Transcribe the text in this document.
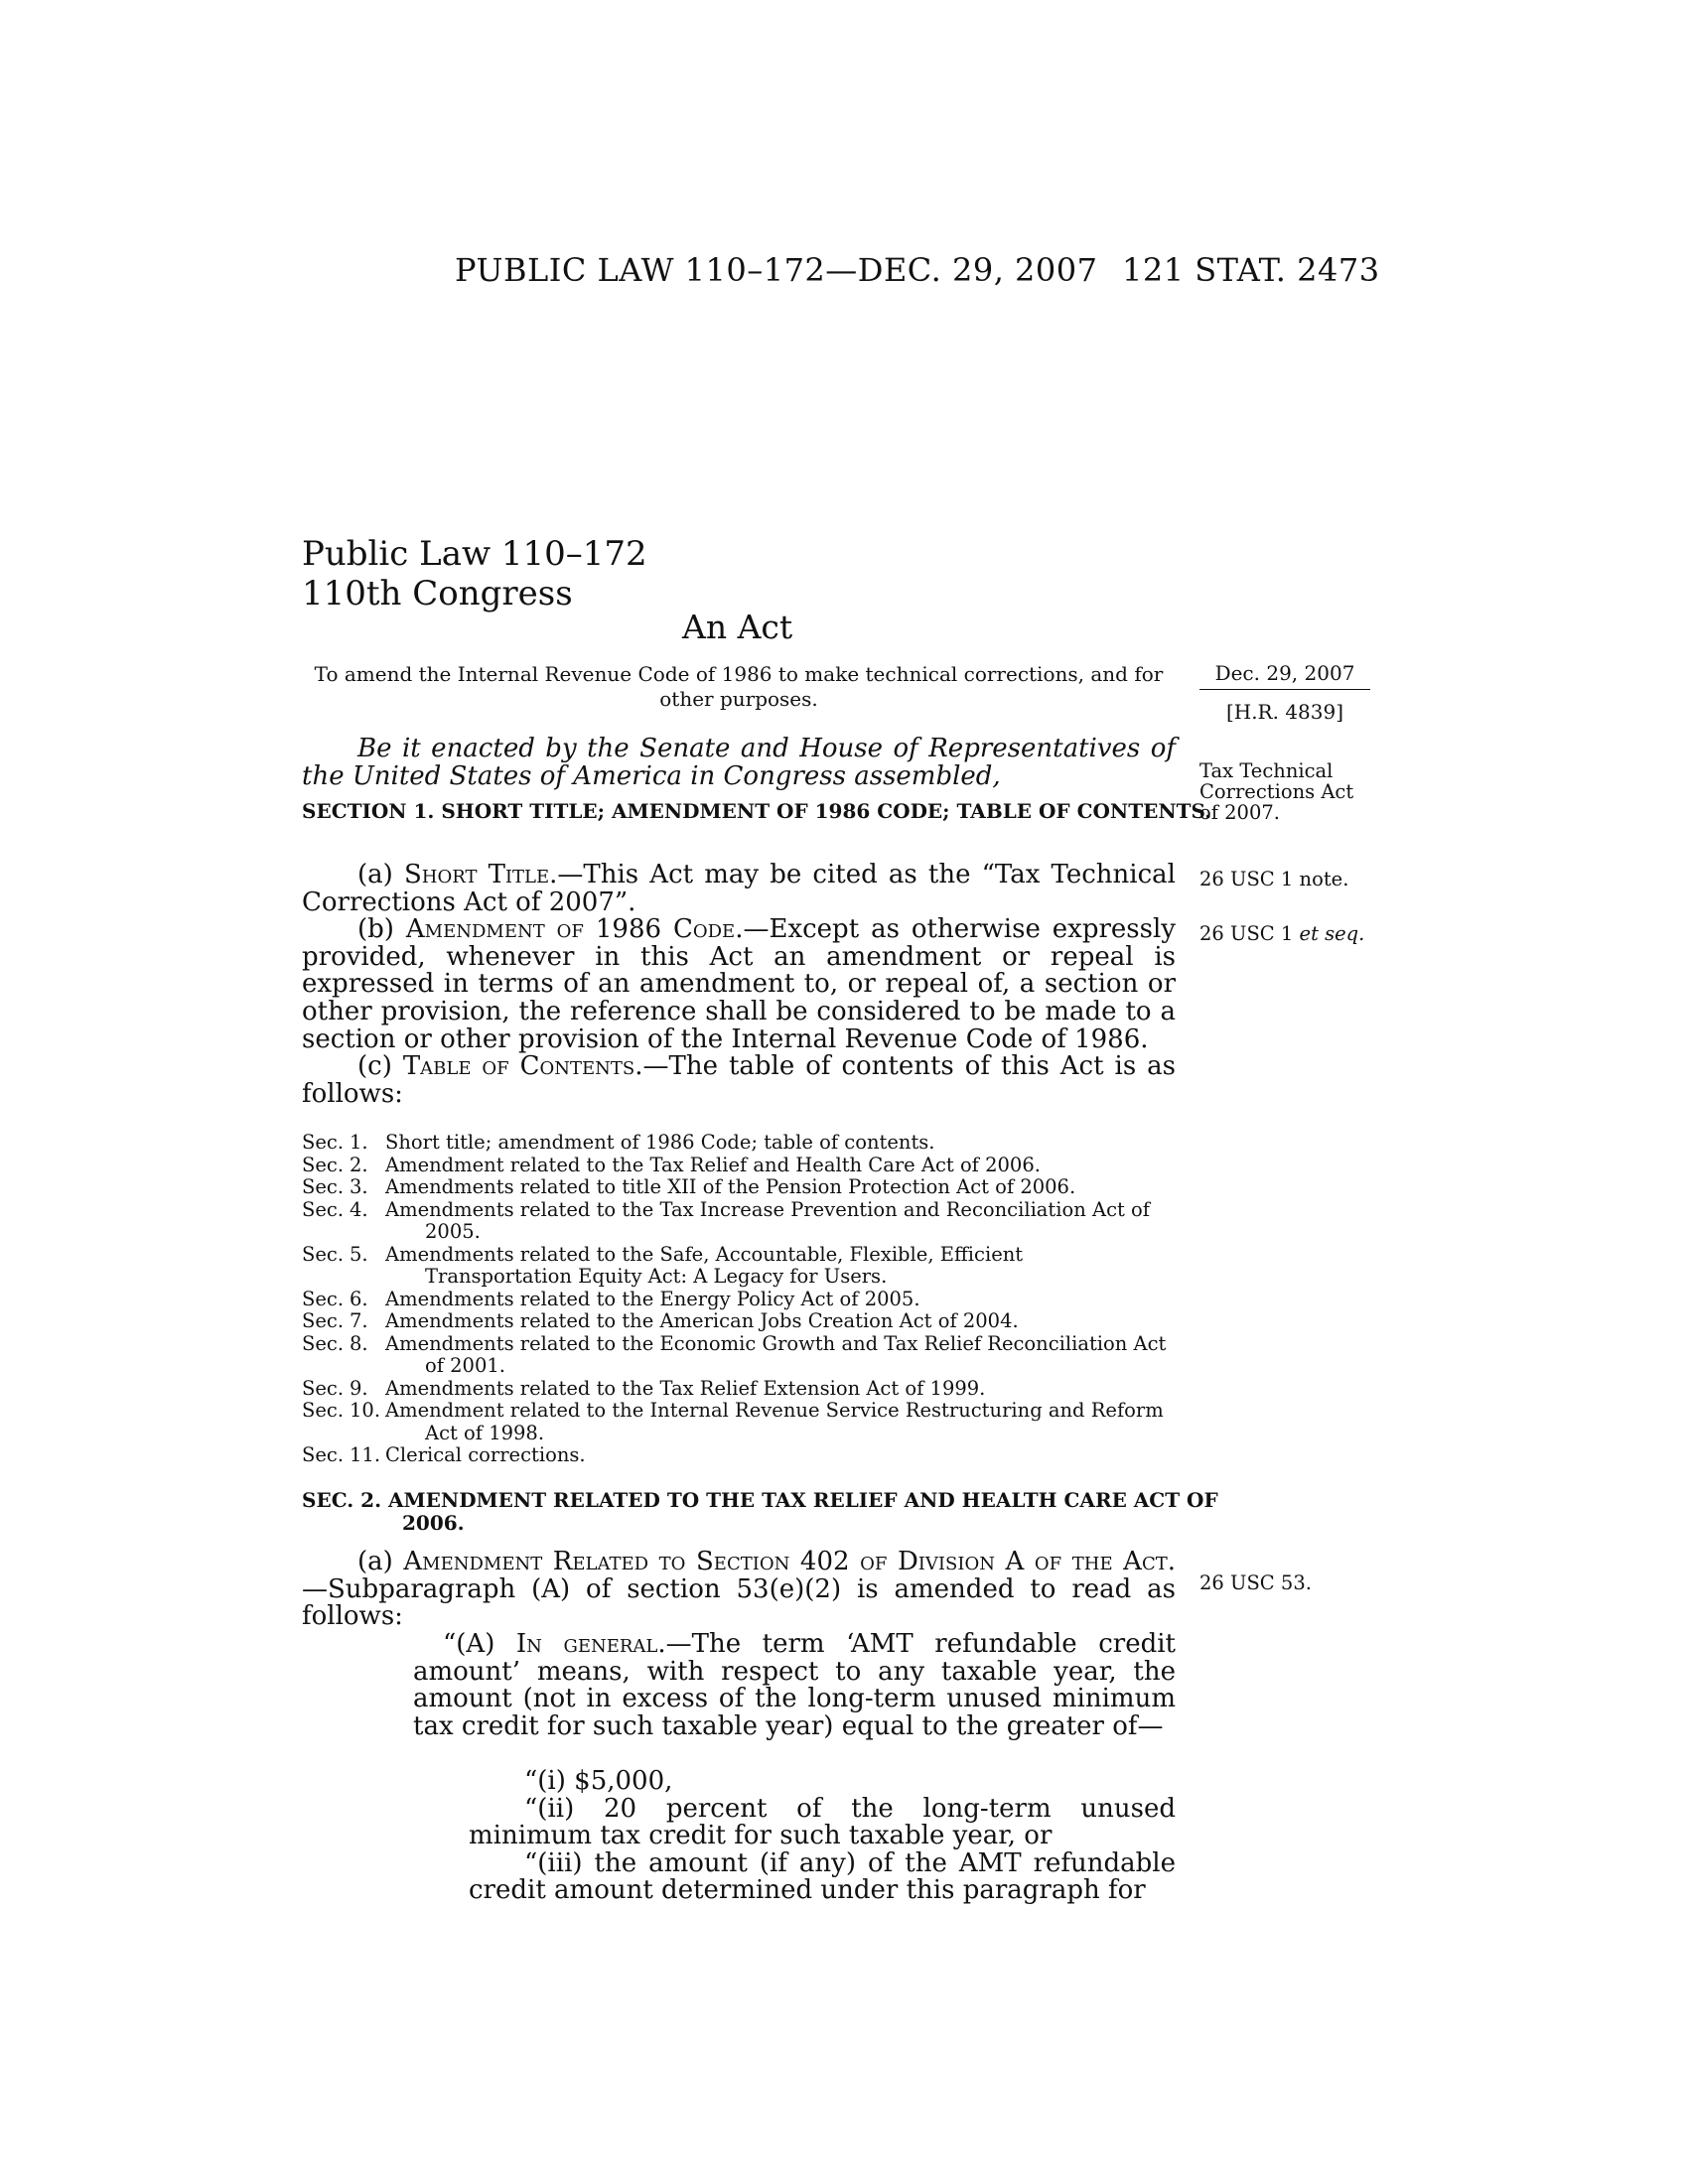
PUBLIC LAW 110–172—DEC. 29, 2007 121 STAT. 2473
Public Law 110–172
110th Congress
An Act
To amend the Internal Revenue Code of 1986 to make technical corrections, and for other purposes.
Dec. 29, 2007
[H.R. 4839]
Tax Technical
Corrections Act
of 2007.
26 USC 1 note.
26 USC 1 et seq.
26 USC 53.
Be it enacted by the Senate and House of Representatives of the United States of America in Congress assembled,
SECTION 1. SHORT TITLE; AMENDMENT OF 1986 CODE; TABLE OF CONTENTS.

(a) Short Title.—This Act may be cited as the “Tax Technical Corrections Act of 2007”.

(b) Amendment of 1986 Code.—Except as otherwise expressly provided, whenever in this Act an amendment or repeal is expressed in terms of an amendment to, or repeal of, a section or other provision, the reference shall be considered to be made to a section or other provision of the Internal Revenue Code of 1986.

(c) Table of Contents.—The table of contents of this Act is as follows:

Sec. 1. Short title; amendment of 1986 Code; table of contents.
Sec. 2. Amendment related to the Tax Relief and Health Care Act of 2006.
Sec. 3. Amendments related to title XII of the Pension Protection Act of 2006.
Sec. 4. Amendments related to the Tax Increase Prevention and Reconciliation Act of 2005.
Sec. 5. Amendments related to the Safe, Accountable, Flexible, Efficient Transportation Equity Act: A Legacy for Users.
Sec. 6. Amendments related to the Energy Policy Act of 2005.
Sec. 7. Amendments related to the American Jobs Creation Act of 2004.
Sec. 8. Amendments related to the Economic Growth and Tax Relief Reconciliation Act of 2001.
Sec. 9. Amendments related to the Tax Relief Extension Act of 1999.
Sec. 10. Amendment related to the Internal Revenue Service Restructuring and Reform Act of 1998.
Sec. 11. Clerical corrections.
SEC. 2. AMENDMENT RELATED TO THE TAX RELIEF AND HEALTH CARE ACT OF 2006.

(a) Amendment Related to Section 402 of Division A of the Act.—Subparagraph (A) of section 53(e)(2) is amended to read as follows:

“(A) In general.—The term ‘AMT refundable credit amount’ means, with respect to any taxable year, the amount (not in excess of the long-term unused minimum tax credit for such taxable year) equal to the greater of—
“(i) $5,000,
“(ii) 20 percent of the long-term unused minimum tax credit for such taxable year, or
“(iii) the amount (if any) of the AMT refundable credit amount determined under this paragraph for
